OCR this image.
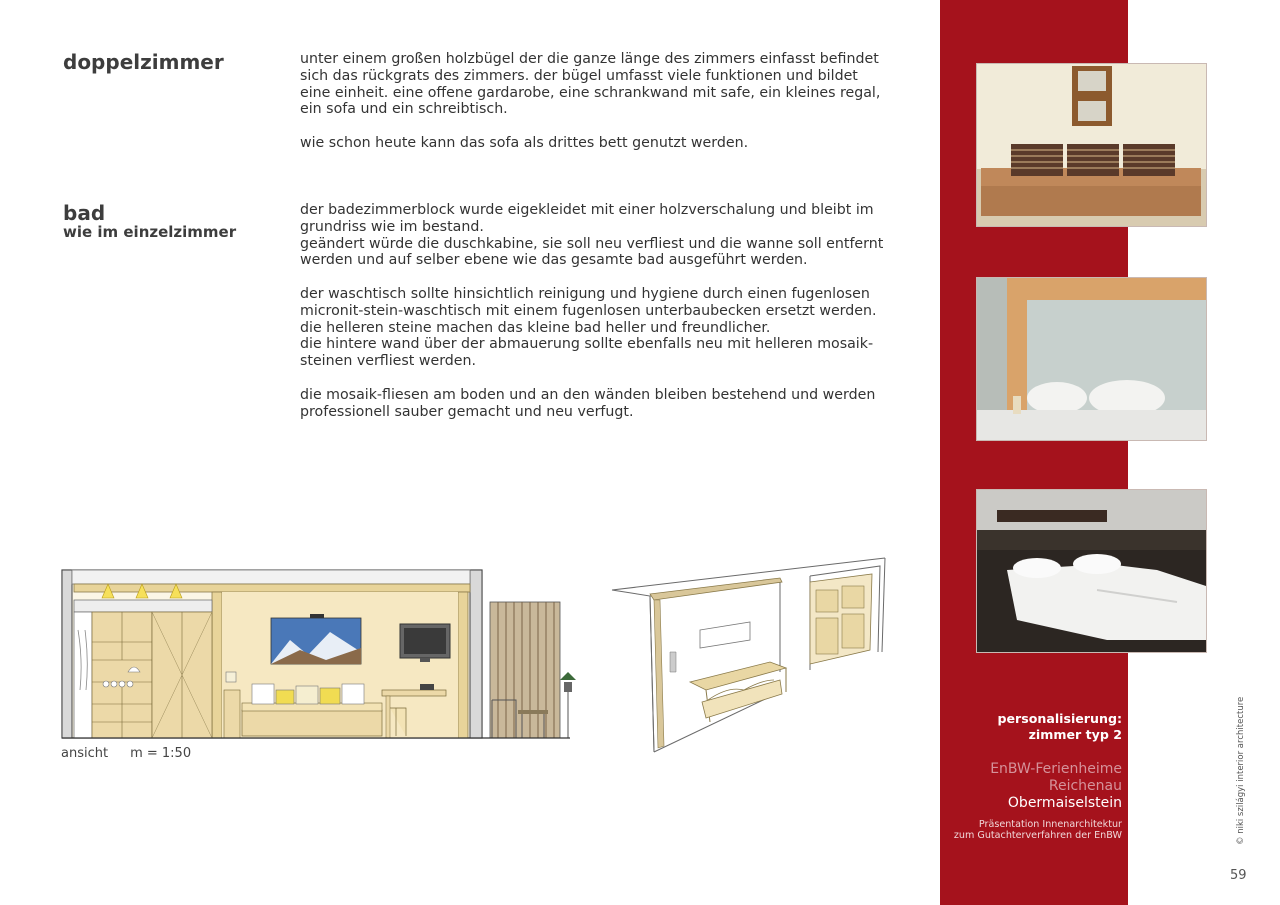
doppelzimmer
bad
wie im einzelzimmer

unter einem großen holzbügel der die ganze länge des zimmers einfasst befindet
sich das rückgrats des zimmers. der bügel umfasst viele funktionen und bildet
eine einheit. eine offene gardarobe, eine schrankwand mit safe, ein kleines regal,
ein sofa und ein schreibtisch.

wie schon heute kann das sofa als drittes bett genutzt werden.

der badezimmerblock wurde eigekleidet mit einer holzverschalung und bleibt im
grundriss wie im bestand.
geändert würde die duschkabine, sie soll neu verfliest und die wanne soll entfernt
werden und auf selber ebene wie das gesamte bad ausgeführt werden.

der waschtisch sollte hinsichtlich reinigung und hygiene durch einen fugenlosen
micronit-stein-waschtisch mit einem fugenlosen unterbaubecken ersetzt werden.
die helleren steine machen das kleine bad heller und freundlicher.
die hintere wand über der abmauerung sollte ebenfalls neu mit helleren mosaik-
steinen verfliest werden.

die mosaik-fliesen am boden und an den wänden bleiben bestehend und werden
professionell sauber gemacht und neu verfugt.

ansicht m = 1:50
personalisierung:
zimmer typ 2
EnBW-Ferienheime
Reichenau
Obermaiselstein
Präsentation Innenarchitektur
zum Gutachterverfahren der EnBW	© niki szilágyi interior architecture
59
